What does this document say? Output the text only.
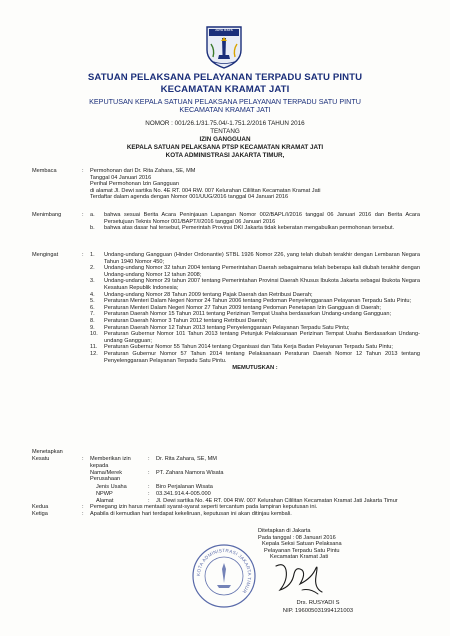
JAYA RAYA
SATUAN PELAKSANA PELAYANAN TERPADU SATU PINTU
KECAMATAN KRAMAT JATI
KEPUTUSAN KEPALA SATUAN PELAKSANA PELAYANAN TERPADU SATU PINTU
KECAMATAN KRAMAT JATI
NOMOR : 001/26.1/31.75.04/-1.751.2/2016 TAHUN 2016
TENTANG
IZIN GANGGUAN
KEPALA SATUAN PELAKSANA PTSP KECAMATAN KRAMAT JATI
KOTA ADMINISTRASI JAKARTA TIMUR,
Membaca	:	Permohonan dari Dr. Rita Zahara, SE, MM
Tanggal 04 Januari 2016
Perihal Permohonan Izin Gangguan
di alamat Jl. Dewi sartika No. 4E RT. 004 RW. 007 Kelurahan Cililitan Kecamatan Kramat Jati
Terdaftar dalam agenda dengan Nomor 001/UUG/2016 tanggal 04 Januari 2016
Menimbang	:	a.	bahwa sesuai Berita Acara Peninjauan Lapangan Nomor 002/BAPL/I/2016 tanggal 06 Januari 2016 dan Berita Acara Persetujuan Teknis Nomor 001/BAPT/I/2016 tanggal 06 Januari 2016
b.	bahwa atas dasar hal tersebut, Pemerintah Provinsi DKI Jakarta tidak keberatan mengabulkan permohonan tersebut.
Mengingat	:	1.	Undang-undang Gangguan (Hinder Ordonantie) STBL 1926 Nomor 226, yang telah diubah terakhir dengan Lembaran Negara Tahun 1940 Nomor 450;
2.	Undang-undang Nomor 32 tahun 2004 tentang Pemerintahan Daerah sebagaimana telah beberapa kali diubah terakhir dengan Undang-undang Nomor 12 tahun 2008;
3.	Undang-undang Nomor 29 tahun 2007 tentang Pemerintahan Provinsi Daerah Khusus Ibukota Jakarta sebagai Ibukota Negara Kesatuan Republik Indonesia;
4.	Undang-undang Nomor 28 Tahun 2009 tentang Pajak Daerah dan Retribusi Daerah;
5.	Peraturan Menteri Dalam Negeri Nomor 24 Tahun 2006 tentang Pedoman Penyelenggaraan Pelayanan Terpadu Satu Pintu;
6.	Peraturan Menteri Dalam Negeri Nomor 27 Tahun 2009 tentang Pedoman Penetapan Izin Gangguan di Daerah;
7.	Peraturan Daerah Nomor 15 Tahun 2011 tentang Perizinan Tempat Usaha berdasarkan Undang-undang Gangguan;
8.	Peraturan Daerah Nomor 3 Tahun 2012 tentang Retribusi Daerah;
9.	Peraturan Daerah Nomor 12 Tahun 2013 tentang Penyelenggaraan Pelayanan Terpadu Satu Pintu;
10.	Peraturan Gubernur Nomor 101 Tahun 2013 tentang Petunjuk Pelaksanaan Perizinan Tempat Usaha Berdasarkan Undang-undang Gangguan;
11.	Peraturan Gubernur Nomor 55 Tahun 2014 tentang Organisasi dan Tata Kerja Badan Pelayanan Terpadu Satu Pintu;
12.	Peraturan Gubernur Nomor 57 Tahun 2014 tentang Pelaksanaan Peraturan Daerah Nomor 12 Tahun 2013 tentang Penyelenggaraan Pelayanan Terpadu Satu Pintu.
MEMUTUSKAN :
Menetapkan
Kesatu	:	Memberikan izin kepada
:	Dr. Rita Zahara, SE, MM
Nama/Merek Perusahaan
:	PT. Zahara Namora Wisata
Jenis Usaha	:	Biro Perjalanan Wisata
NPWP	:	03.341.914.4-005.000
Alamat	:	Jl. Dewi sartika No. 4E RT. 004 RW. 007 Kelurahan Cililitan Kecamatan Kramat Jati Jakarta Timur
Kedua	:	Pemegang izin harus mentaati syarat-syarat seperti tercantum pada lampiran keputusan ini.
Ketiga	:	Apabila di kemudian hari terdapat kekeliruan, keputusan ini akan ditinjau kembali.
Ditetapkan di Jakarta
Pada tanggal : 08 Januari 2016
Kepala Seksi Satuan Pelaksana
Pelayanan Terpadu Satu Pintu
Kecamatan Kramat Jati
KOTA ADMINISTRASI JAKARTA TIMUR
Drs. RUSYADI S
NIP. 196005031994121003
